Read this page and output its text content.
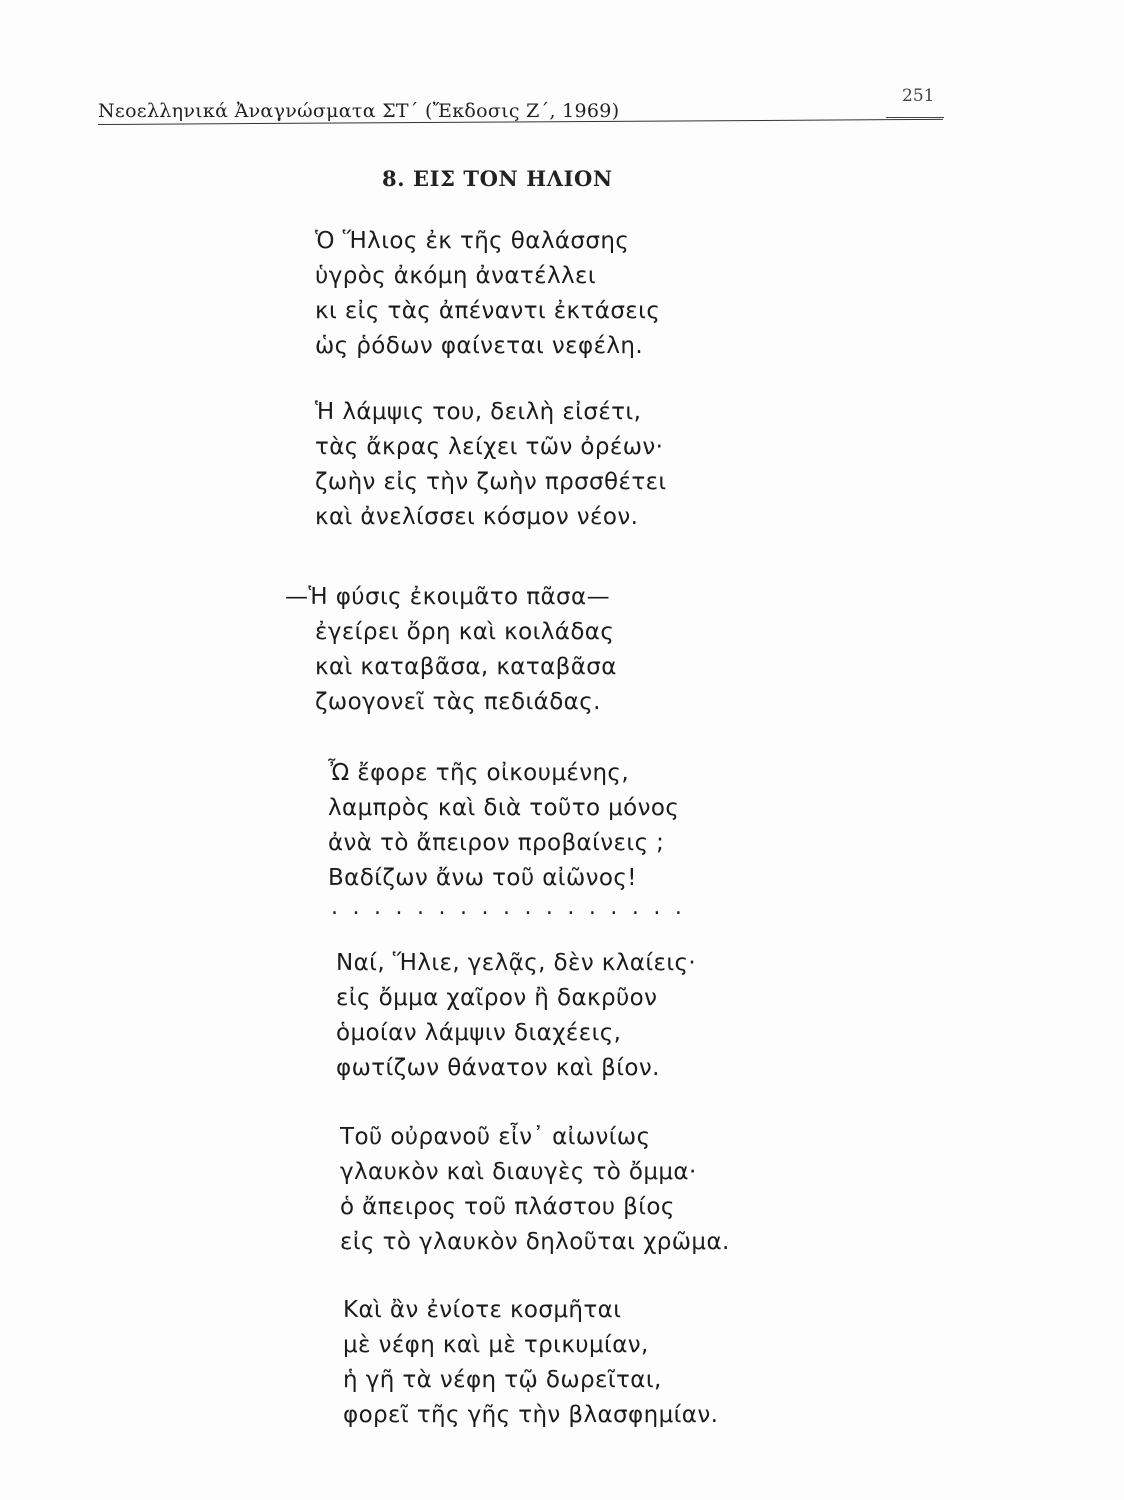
Νεοελληνικά Ἀναγνώσματα ΣΤ΄ (Ἔκδοσις Ζ΄, 1969)
251
8. ΕΙΣ ΤΟΝ ΗΛΙΟΝ
Ὁ Ἥλιος ἐκ τῆς θαλάσσης
ὑγρὸς ἀκόμη ἀνατέλλει
κι εἰς τὰς ἀπέναντι ἐκτάσεις
ὡς ῥόδων φαίνεται νεφέλη.
Ἡ λάμψις του, δειλὴ εἰσέτι,
τὰς ἄκρας λείχει τῶν ὀρέων·
ζωὴν εἰς τὴν ζωὴν πρσσθέτει
καὶ ἀνελίσσει κόσμον νέον.
—Ἡ φύσις ἐκοιμᾶτο πᾶσα—
ἐγείρει ὄρη καὶ κοιλάδας
καὶ καταβᾶσα, καταβᾶσα
ζωογονεῖ τὰς πεδιάδας.
Ὦ ἔφορε τῆς οἰκουμένης,
λαμπρὸς καὶ διὰ τοῦτο μόνος
ἀνὰ τὸ ἄπειρον προβαίνεις ;
Βαδίζων ἄνω τοῦ αἰῶνος!
.................
Ναί, Ἥλιε, γελᾷς, δὲν κλαίεις·
εἰς ὄμμα χαῖρον ἢ δακρῦον
ὁμοίαν λάμψιν διαχέεις,
φωτίζων θάνατον καὶ βίον.
Τοῦ οὐρανοῦ εἶν᾽ αἰωνίως
γλαυκὸν καὶ διαυγὲς τὸ ὄμμα·
ὁ ἄπειρος τοῦ πλάστου βίος
εἰς τὸ γλαυκὸν δηλοῦται χρῶμα.
Καὶ ἂν ἐνίοτε κοσμῆται
μὲ νέφη καὶ μὲ τρικυμίαν,
ἡ γῆ τὰ νέφη τῷ δωρεῖται,
φορεῖ τῆς γῆς τὴν βλασφημίαν.
